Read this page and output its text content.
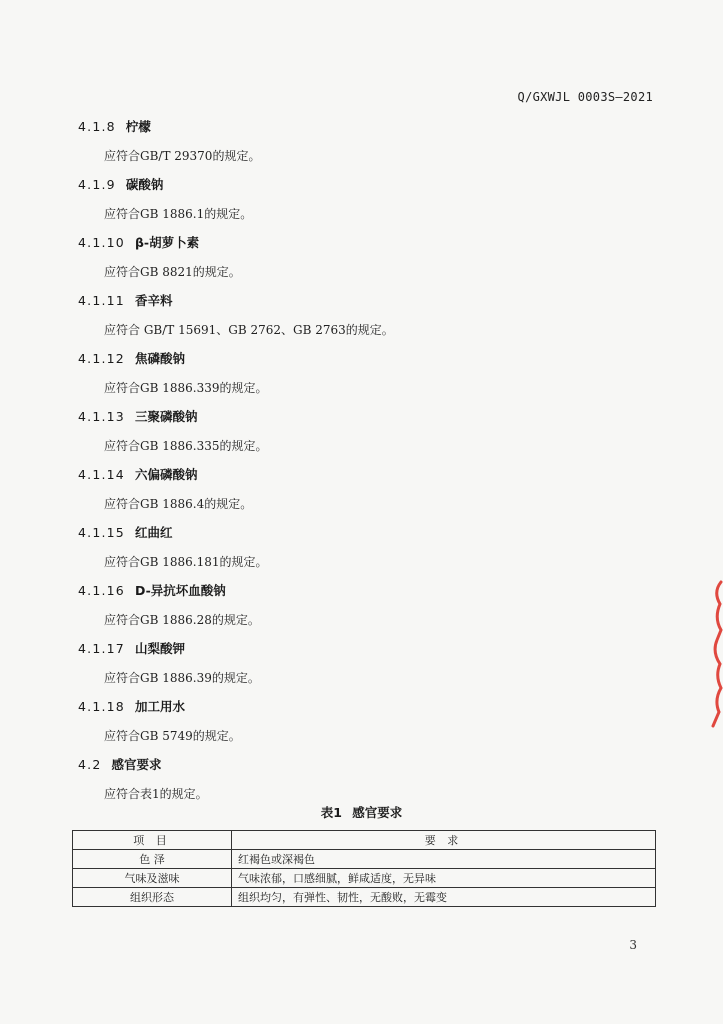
Q/GXWJL 0003S—2021
4.1.8 柠檬
应符合GB/T 29370的规定。
4.1.9 碳酸钠
应符合GB 1886.1的规定。
4.1.10 β-胡萝卜素
应符合GB 8821的规定。
4.1.11 香辛料
应符合 GB/T 15691、GB 2762、GB 2763的规定。
4.1.12 焦磷酸钠
应符合GB 1886.339的规定。
4.1.13 三聚磷酸钠
应符合GB 1886.335的规定。
4.1.14 六偏磷酸钠
应符合GB 1886.4的规定。
4.1.15 红曲红
应符合GB 1886.181的规定。
4.1.16 D-异抗坏血酸钠
应符合GB 1886.28的规定。
4.1.17 山梨酸钾
应符合GB 1886.39的规定。
4.1.18 加工用水
应符合GB 5749的规定。
4.2 感官要求
应符合表1的规定。
表1 感官要求
项 目	要 求
色 泽	红褐色或深褐色
气味及滋味	气味浓郁，口感细腻，鲜咸适度，无异味
组织形态	组织均匀，有弹性、韧性，无酸败，无霉变
3
